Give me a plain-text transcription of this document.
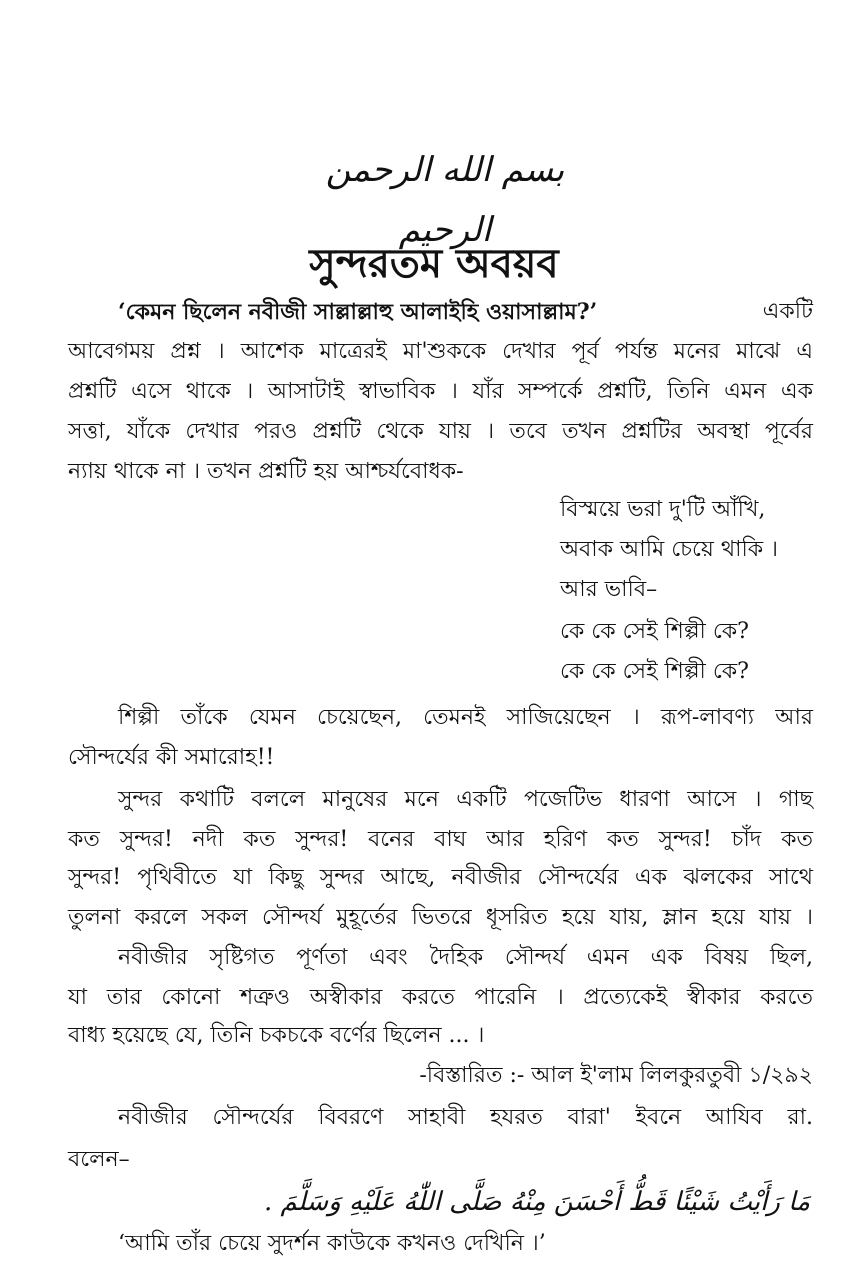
بسم الله الرحمن الرحيم
সুন্দরতম অবয়ব
‘কেমন ছিলেন নবীজী সাল্লাল্লাহু আলাইহি ওয়াসাল্লাম?’	একটি
আবেগময় প্রশ্ন । আশেক মাত্রেরই মা'শুককে দেখার পূর্ব পর্যন্ত মনের মাঝে এ
প্রশ্নটি এসে থাকে । আসাটাই স্বাভাবিক । যাঁর সম্পর্কে প্রশ্নটি, তিনি এমন এক
সত্তা, যাঁকে দেখার পরও প্রশ্নটি থেকে যায় । তবে তখন প্রশ্নটির অবস্থা পূর্বের
ন্যায় থাকে না । তখন প্রশ্নটি হয় আশ্চর্যবোধক-
বিস্ময়ে ভরা দু'টি আঁখি,
অবাক আমি চেয়ে থাকি ।
আর ভাবি–
কে কে সেই শিল্পী কে?
কে কে সেই শিল্পী কে?
শিল্পী তাঁকে যেমন চেয়েছেন, তেমনই সাজিয়েছেন । রূপ-লাবণ্য আর
সৌন্দর্যের কী সমারোহ!!
সুন্দর কথাটি বললে মানুষের মনে একটি পজেটিভ ধারণা আসে । গাছ
কত সুন্দর! নদী কত সুন্দর! বনের বাঘ আর হরিণ কত সুন্দর! চাঁদ কত
সুন্দর! পৃথিবীতে যা কিছু সুন্দর আছে, নবীজীর সৌন্দর্যের এক ঝলকের সাথে
তুলনা করলে সকল সৌন্দর্য মুহূর্তের ভিতরে ধূসরিত হয়ে যায়, ম্লান হয়ে যায় ।
নবীজীর সৃষ্টিগত পূর্ণতা এবং দৈহিক সৌন্দর্য এমন এক বিষয় ছিল,
যা তার কোনো শত্রুও অস্বীকার করতে পারেনি । প্রত্যেকেই স্বীকার করতে
বাধ্য হয়েছে যে, তিনি চকচকে বর্ণের ছিলেন ... ।
-বিস্তারিত :- আল ই'লাম লিলকুরতুবী ১/২৯২
নবীজীর সৌন্দর্যের বিবরণে সাহাবী হযরত বারা' ইবনে আযিব রা.
বলেন–
مَا رَأَيْتُ شَيْئًا قَطُّ أَحْسَنَ مِنْهُ صَلَّى اللّٰهُ عَلَيْهِ وَسَلَّمَ .
‘আমি তাঁর চেয়ে সুদর্শন কাউকে কখনও দেখিনি ।’
